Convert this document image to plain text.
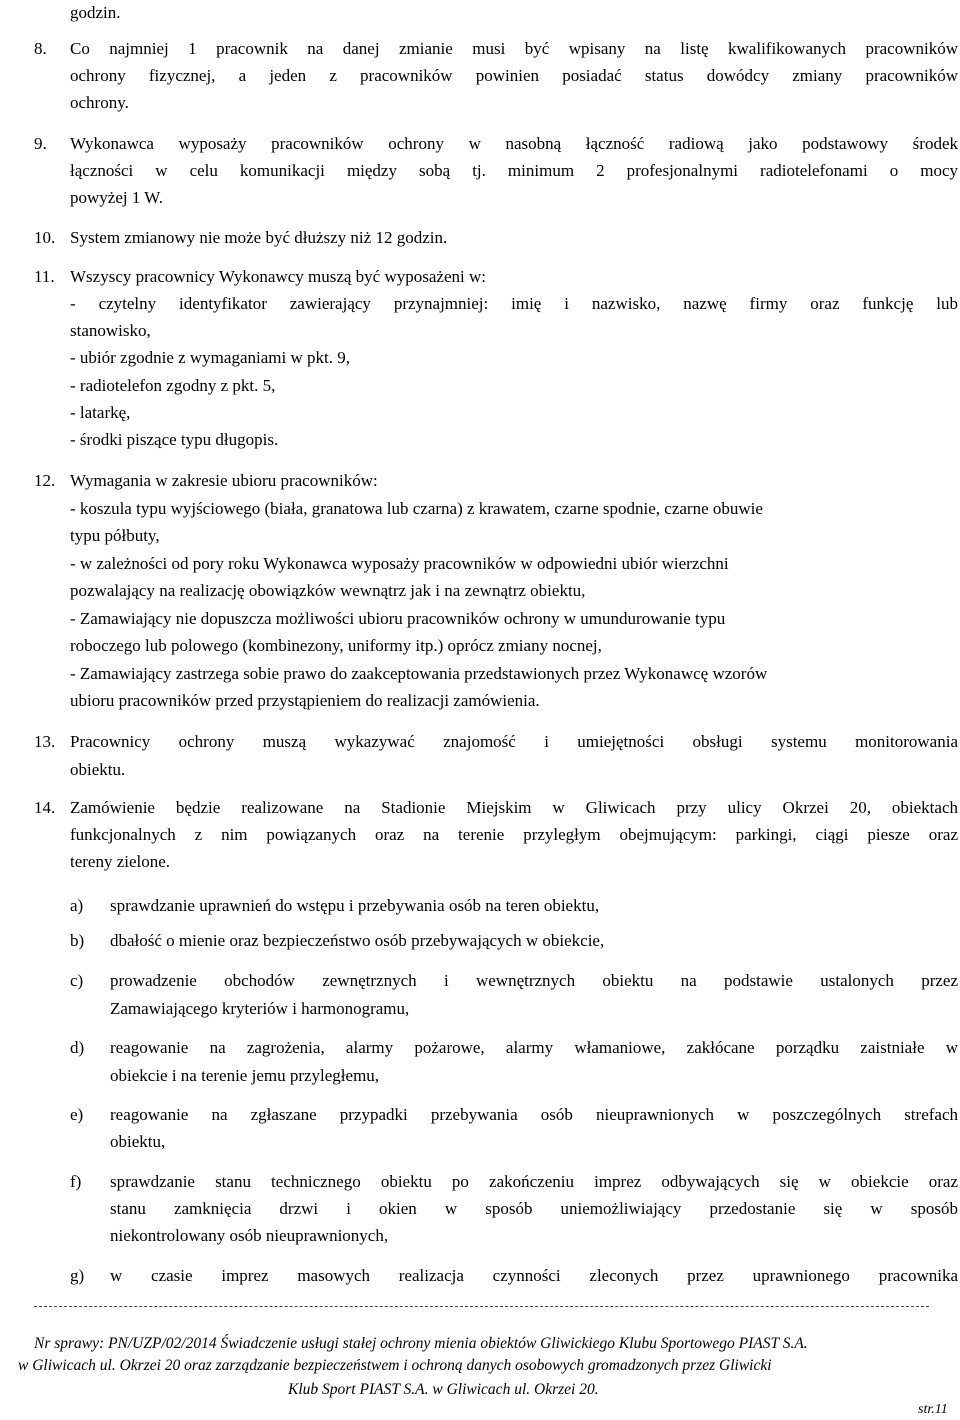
godzin.
8. Co najmniej 1 pracownik na danej zmianie musi być wpisany na listę kwalifikowanych pracowników
ochrony fizycznej, a jeden z pracowników powinien posiadać status dowódcy zmiany pracowników
ochrony.
9. Wykonawca wyposaży pracowników ochrony w nasobną łączność radiową jako podstawowy środek
łączności w celu komunikacji między sobą tj. minimum 2 profesjonalnymi radiotelefonami o mocy
powyżej 1 W.
10. System zmianowy nie może być dłuższy niż 12 godzin.
11. Wszyscy pracownicy Wykonawcy muszą być wyposażeni w:
- czytelny identyfikator zawierający przynajmniej: imię i nazwisko, nazwę firmy oraz funkcję lub
stanowisko,
- ubiór zgodnie z wymaganiami w pkt. 9,
- radiotelefon zgodny z pkt. 5,
- latarkę,
- środki piszące typu długopis.
12. Wymagania w zakresie ubioru pracowników:
- koszula typu wyjściowego (biała, granatowa lub czarna) z krawatem, czarne spodnie, czarne obuwie
typu półbuty,
- w zależności od pory roku Wykonawca wyposaży pracowników w odpowiedni ubiór wierzchni
pozwalający na realizację obowiązków wewnątrz jak i na zewnątrz obiektu,
- Zamawiający nie dopuszcza możliwości ubioru pracowników ochrony w umundurowanie typu
roboczego lub polowego (kombinezony, uniformy itp.) oprócz zmiany nocnej,
- Zamawiający zastrzega sobie prawo do zaakceptowania przedstawionych przez Wykonawcę wzorów
ubioru pracowników przed przystąpieniem do realizacji zamówienia.
13. Pracownicy ochrony muszą wykazywać znajomość i umiejętności obsługi systemu monitorowania
obiektu.
14. Zamówienie będzie realizowane na Stadionie Miejskim w Gliwicach przy ulicy Okrzei 20, obiektach
funkcjonalnych z nim powiązanych oraz na terenie przyległym obejmującym: parkingi, ciągi piesze oraz
tereny zielone.
a) sprawdzanie uprawnień do wstępu i przebywania osób na teren obiektu,
b) dbałość o mienie oraz bezpieczeństwo osób przebywających w obiekcie,
c) prowadzenie obchodów zewnętrznych i wewnętrznych obiektu na podstawie ustalonych przez
Zamawiającego kryteriów i harmonogramu,
d) reagowanie na zagrożenia, alarmy pożarowe, alarmy włamaniowe, zakłócane porządku zaistniałe w
obiekcie i na terenie jemu przyległemu,
e) reagowanie na zgłaszane przypadki przebywania osób nieuprawnionych w poszczególnych strefach
obiektu,
f) sprawdzanie stanu technicznego obiektu po zakończeniu imprez odbywających się w obiekcie oraz
stanu zamknięcia drzwi i okien w sposób uniemożliwiający przedostanie się w sposób
niekontrolowany osób nieuprawnionych,
g) w czasie imprez masowych realizacja czynności zleconych przez uprawnionego pracownika
Nr sprawy: PN/UZP/02/2014 Świadczenie usługi stałej ochrony mienia obiektów Gliwickiego Klubu Sportowego PIAST S.A.
w Gliwicach ul. Okrzei 20 oraz zarządzanie bezpieczeństwem i ochroną danych osobowych gromadzonych przez Gliwicki
Klub Sport PIAST S.A. w Gliwicach ul. Okrzei 20.
str.11
